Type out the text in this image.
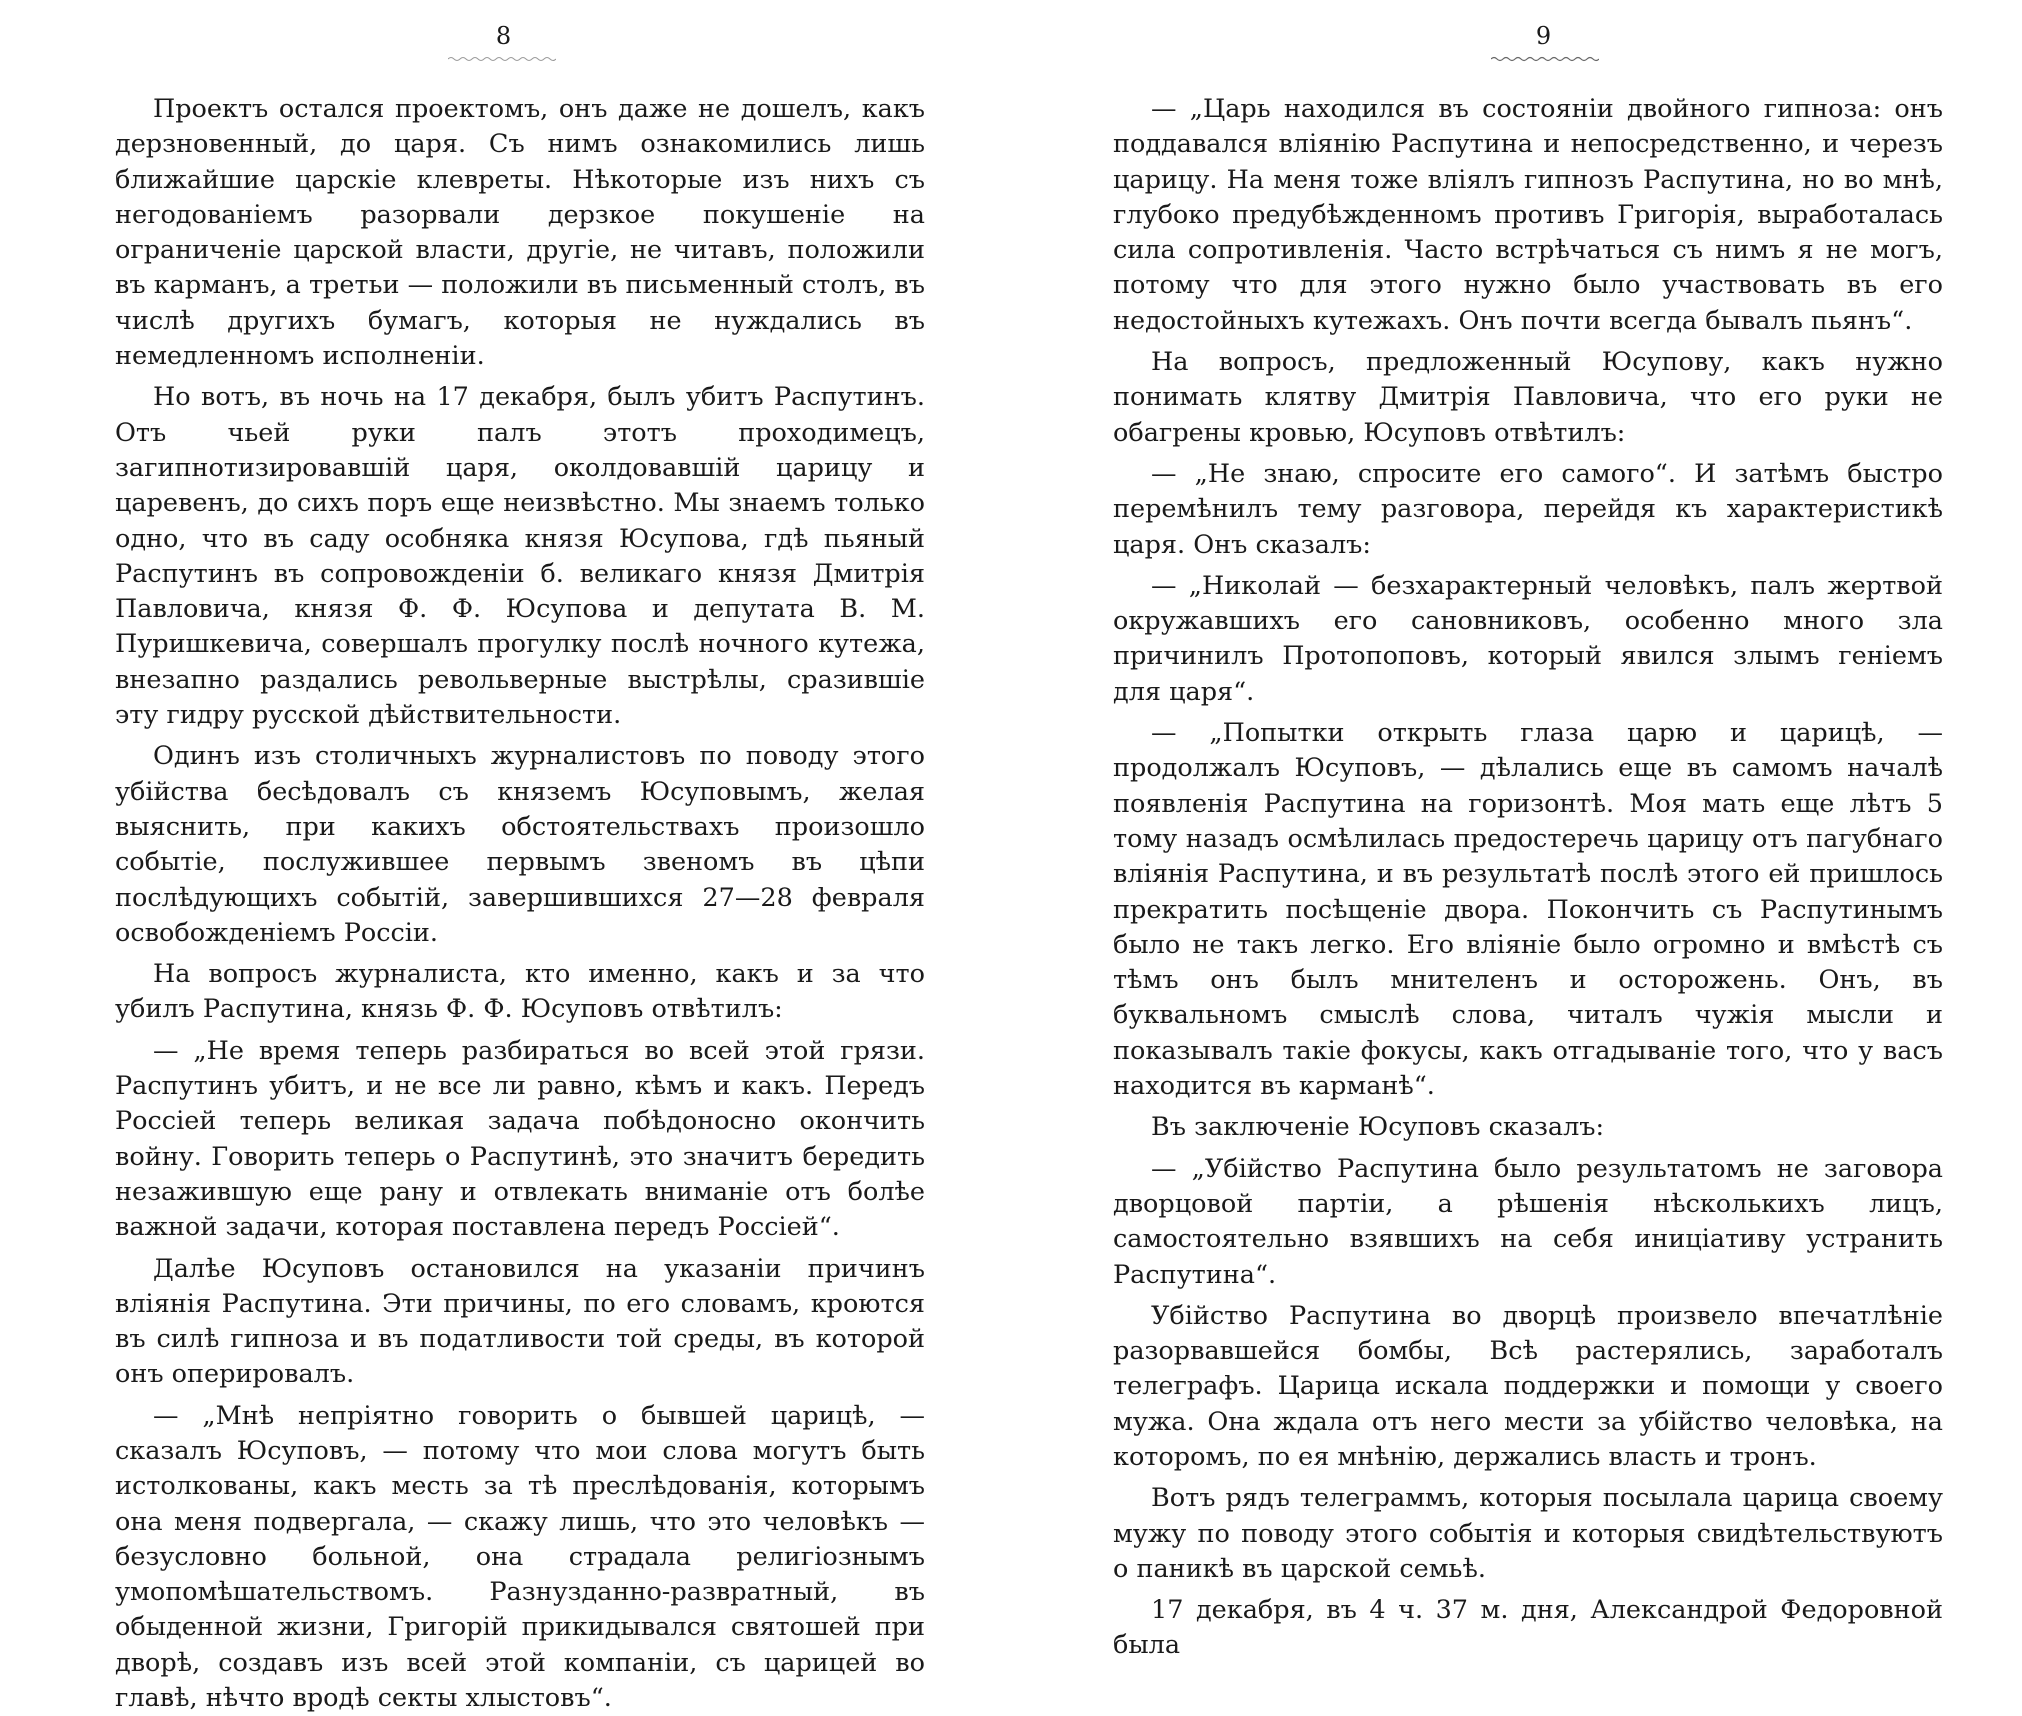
8

Проектъ остался проектомъ, онъ даже не дошелъ, какъ дерзновенный, до царя. Съ нимъ ознакомились лишь ближайшие царскіе клевреты. Нѣкоторые изъ нихъ съ негодованіемъ разорвали дерзкое покушеніе на ограниченіе царской власти, другіе, не читавъ, положили въ карманъ, а третьи — положили въ письменный столъ, въ числѣ другихъ бумагъ, которыя не нуждались въ немедленномъ исполненіи.

Но вотъ, въ ночь на 17 декабря, былъ убитъ Распутинъ. Отъ чьей руки палъ этотъ проходимецъ, загипнотизировавшій царя, околдовавшій царицу и царевенъ, до сихъ поръ еще неизвѣстно. Мы знаемъ только одно, что въ саду особняка князя Юсупова, гдѣ пьяный Распутинъ въ сопровожденіи б. великаго князя Дмитрія Павловича, князя Ф. Ф. Юсупова и депутата В. М. Пуришкевича, совершалъ прогулку послѣ ночного кутежа, внезапно раздались револьверные выстрѣлы, сразившіе эту гидру русской дѣйствительности.

Одинъ изъ столичныхъ журналистовъ по поводу этого убійства бесѣдовалъ съ княземъ Юсуповымъ, желая выяснить, при какихъ обстоятельствахъ произошло событіе, послужившее первымъ звеномъ въ цѣпи послѣдующихъ событій, завершившихся 27—28 февраля освобожденіемъ Россіи.

На вопросъ журналиста, кто именно, какъ и за что убилъ Распутина, князь Ф. Ф. Юсуповъ отвѣтилъ:

— „Не время теперь разбираться во всей этой грязи. Распутинъ убитъ, и не все ли равно, кѣмъ и какъ. Передъ Россіей теперь великая задача побѣдоносно окончить войну. Говорить теперь о Распутинѣ, это значитъ бередить незажившую еще рану и отвлекать вниманіе отъ болѣе важной задачи, которая поставлена передъ Россіей“.

Далѣе Юсуповъ остановился на указаніи причинъ вліянія Распутина. Эти причины, по его словамъ, кроются въ силѣ гипноза и въ податливости той среды, въ которой онъ оперировалъ.

— „Мнѣ непріятно говорить о бывшей царицѣ, — сказалъ Юсуповъ, — потому что мои слова могутъ быть истолкованы, какъ месть за тѣ преслѣдованія, которымъ она меня подвергала, — скажу лишь, что это человѣкъ — безусловно больной, она страдала религіознымъ умопомѣшательствомъ. Разнузданно-развратный, въ обыденной жизни, Григорій прикидывался святошей при дворѣ, создавъ изъ всей этой компаніи, съ царицей во главѣ, нѣчто вродѣ секты хлыстовъ“.

9

— „Царь находился въ состояніи двойного гипноза: онъ поддавался вліянію Распутина и непосредственно, и черезъ царицу. На меня тоже вліялъ гипнозъ Распутина, но во мнѣ, глубоко предубѣжденномъ противъ Григорія, выработалась сила сопротивленія. Часто встрѣчаться съ нимъ я не могъ, потому что для этого нужно было участвовать въ его недостойныхъ кутежахъ. Онъ почти всегда бывалъ пьянъ“.

На вопросъ, предложенный Юсупову, какъ нужно понимать клятву Дмитрія Павловича, что его руки не обагрены кровью, Юсуповъ отвѣтилъ:

— „Не знаю, спросите его самого“. И затѣмъ быстро перемѣнилъ тему разговора, перейдя къ характеристикѣ царя. Онъ сказалъ:

— „Николай — безхарактерный человѣкъ, палъ жертвой окружавшихъ его сановниковъ, особенно много зла причинилъ Протопоповъ, который явился злымъ геніемъ для царя“.

— „Попытки открыть глаза царю и царицѣ, — продолжалъ Юсуповъ, — дѣлались еще въ самомъ началѣ появленія Распутина на горизонтѣ. Моя мать еще лѣтъ 5 тому назадъ осмѣлилась предостеречь царицу отъ пагубнаго вліянія Распутина, и въ результатѣ послѣ этого ей пришлось прекратить посѣщеніе двора. Покончить съ Распутинымъ было не такъ легко. Его вліяніе было огромно и вмѣстѣ съ тѣмъ онъ былъ мнителенъ и осторожень. Онъ, въ буквальномъ смыслѣ слова, читалъ чужія мысли и показывалъ такіе фокусы, какъ отгадываніе того, что у васъ находится въ карманѣ“.

Въ заключеніе Юсуповъ сказалъ:

— „Убійство Распутина было результатомъ не заговора дворцовой партіи, а рѣшенія нѣсколькихъ лицъ, самостоятельно взявшихъ на себя иниціативу устранить Распутина“.

Убійство Распутина во дворцѣ произвело впечатлѣніе разорвавшейся бомбы, Всѣ растерялись, заработалъ телеграфъ. Царица искала поддержки и помощи у своего мужа. Она ждала отъ него мести за убійство человѣка, на которомъ, по ея мнѣнію, держались власть и тронъ.

Вотъ рядъ телеграммъ, которыя посылала царица своему мужу по поводу этого событія и которыя свидѣтельствуютъ о паникѣ въ царской семьѣ.

17 декабря, въ 4 ч. 37 м. дня, Александрой Федоровной была
